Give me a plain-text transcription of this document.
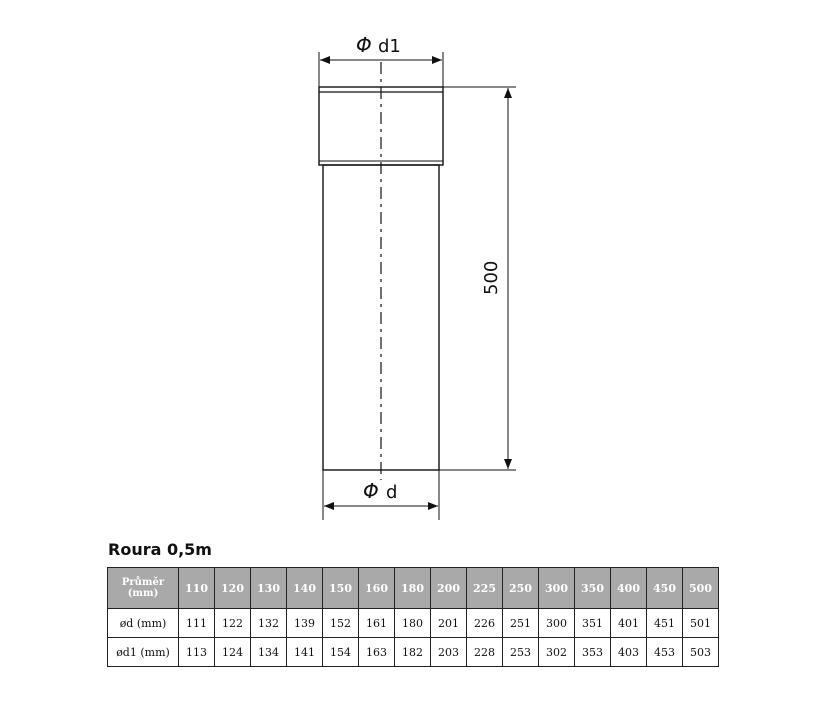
Φ d1
500
Φ d
Roura 0,5m
Průměr (mm)	110	120	130	140	150	160	180	200	225	250	300	350	400	450	500
ød (mm)	111	122	132	139	152	161	180	201	226	251	300	351	401	451	501
ød1 (mm)	113	124	134	141	154	163	182	203	228	253	302	353	403	453	503
